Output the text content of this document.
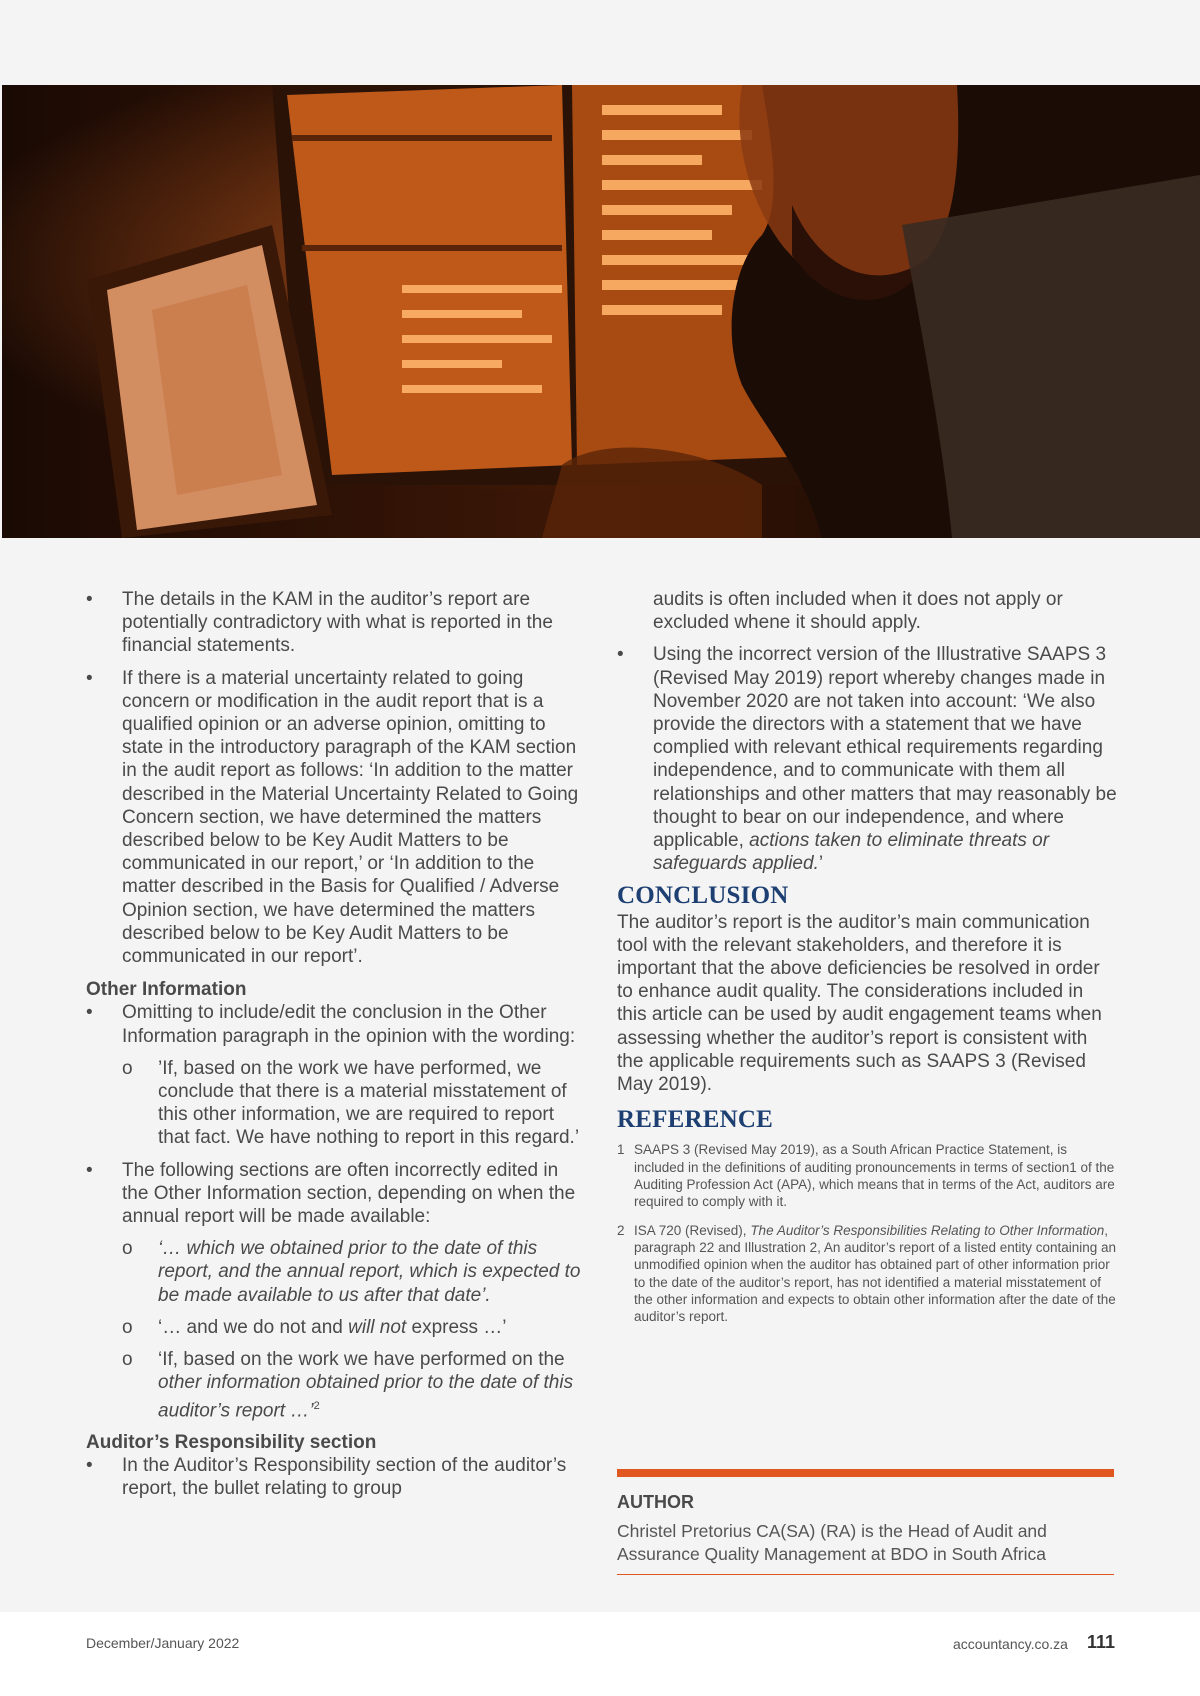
• The details in the KAM in the auditor’s report are potentially contradictory with what is reported in the financial statements.
• If there is a material uncertainty related to going concern or modification in the audit report that is a qualified opinion or an adverse opinion, omitting to state in the introductory paragraph of the KAM section in the audit report as follows: ‘In addition to the matter described in the Material Uncertainty Related to Going Concern section, we have determined the matters described below to be Key Audit Matters to be communicated in our report,’ or ‘In addition to the matter described in the Basis for Qualified / Adverse Opinion section, we have determined the matters described below to be Key Audit Matters to be communicated in our report’.
Other Information
• Omitting to include/edit the conclusion in the Other Information paragraph in the opinion with the wording:
o ’If, based on the work we have performed, we conclude that there is a material misstatement of this other information, we are required to report that fact. We have nothing to report in this regard.’
• The following sections are often incorrectly edited in the Other Information section, depending on when the annual report will be made available:
o ‘… which we obtained prior to the date of this report, and the annual report, which is expected to be made available to us after that date’.
o ‘… and we do not and will not express …’
o ‘If, based on the work we have performed on the other information obtained prior to the date of this auditor’s report …’$^2$
Auditor’s Responsibility section
• In the Auditor’s Responsibility section of the auditor’s report, the bullet relating to group
audits is often included when it does not apply or excluded whene it should apply.
• Using the incorrect version of the Illustrative SAAPS 3 (Revised May 2019) report whereby changes made in November 2020 are not taken into account: ‘We also provide the directors with a statement that we have complied with relevant ethical requirements regarding independence, and to communicate with them all relationships and other matters that may reasonably be thought to bear on our independence, and where applicable, actions taken to eliminate threats or safeguards applied.’
CONCLUSION
The auditor’s report is the auditor’s main communication tool with the relevant stakeholders, and therefore it is important that the above deficiencies be resolved in order to enhance audit quality. The considerations included in this article can be used by audit engagement teams when assessing whether the auditor’s report is consistent with the applicable requirements such as SAAPS 3 (Revised May 2019).
REFERENCE
1 SAAPS 3 (Revised May 2019), as a South African Practice Statement, is included in the definitions of auditing pronouncements in terms of section1 of the Auditing Profession Act (APA), which means that in terms of the Act, auditors are required to comply with it.
2 ISA 720 (Revised), The Auditor’s Responsibilities Relating to Other Information, paragraph 22 and Illustration 2, An auditor’s report of a listed entity containing an unmodified opinion when the auditor has obtained part of other information prior to the date of the auditor’s report, has not identified a material misstatement of the other information and expects to obtain other information after the date of the auditor’s report.
AUTHOR
Christel Pretorius CA(SA) (RA) is the Head of Audit and Assurance Quality Management at BDO in South Africa
December/January 2022	accountancy.co.za 111
